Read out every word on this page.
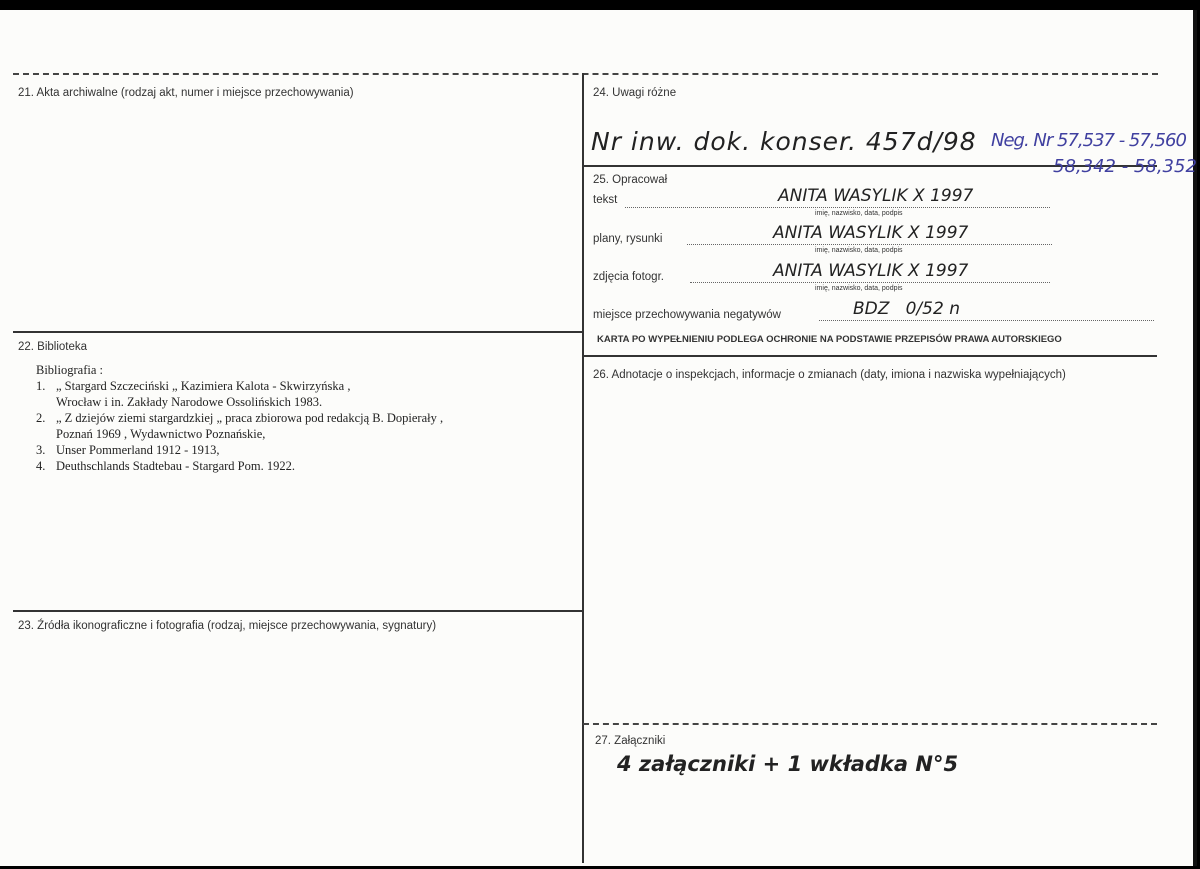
21. Akta archiwalne (rodzaj akt, numer i miejsce przechowywania)
22. Biblioteka
Bibliografia :
1. „ Stargard Szczeciński „ Kazimiera Kalota - Skwirzyńska ,
Wrocław i in. Zakłady Narodowe Ossolińskich 1983.
2. „ Z dziejów ziemi stargardzkiej „ praca zbiorowa pod redakcją B. Dopierały ,
Poznań 1969 , Wydawnictwo Poznańskie,
3. Unser Pommerland 1912 - 1913,
4. Deuthschlands Stadtebau - Stargard Pom. 1922.
23. Źródła ikonograficzne i fotografia (rodzaj, miejsce przechowywania, sygnatury)
24. Uwagi różne
Nr inw. dok. konser. 457d/98 Neg. Nr 57,537 - 57,560
58,342 - 58,352
25. Opracował
tekst	ANITA WASYLIK X 1997
imię, nazwisko, data, podpis
plany, rysunki	ANITA WASYLIK X 1997
imię, nazwisko, data, podpis
zdjęcia fotogr.	ANITA WASYLIK X 1997
imię, nazwisko, data, podpis
miejsce przechowywania negatywów	BDZ   0/52 n
KARTA PO WYPEŁNIENIU PODLEGA OCHRONIE NA PODSTAWIE PRZEPISÓW PRAWA AUTORSKIEGO
26. Adnotacje o inspekcjach, informacje o zmianach (daty, imiona i nazwiska wypełniających)
27. Załączniki
4 załączniki + 1 wkładka N°5
